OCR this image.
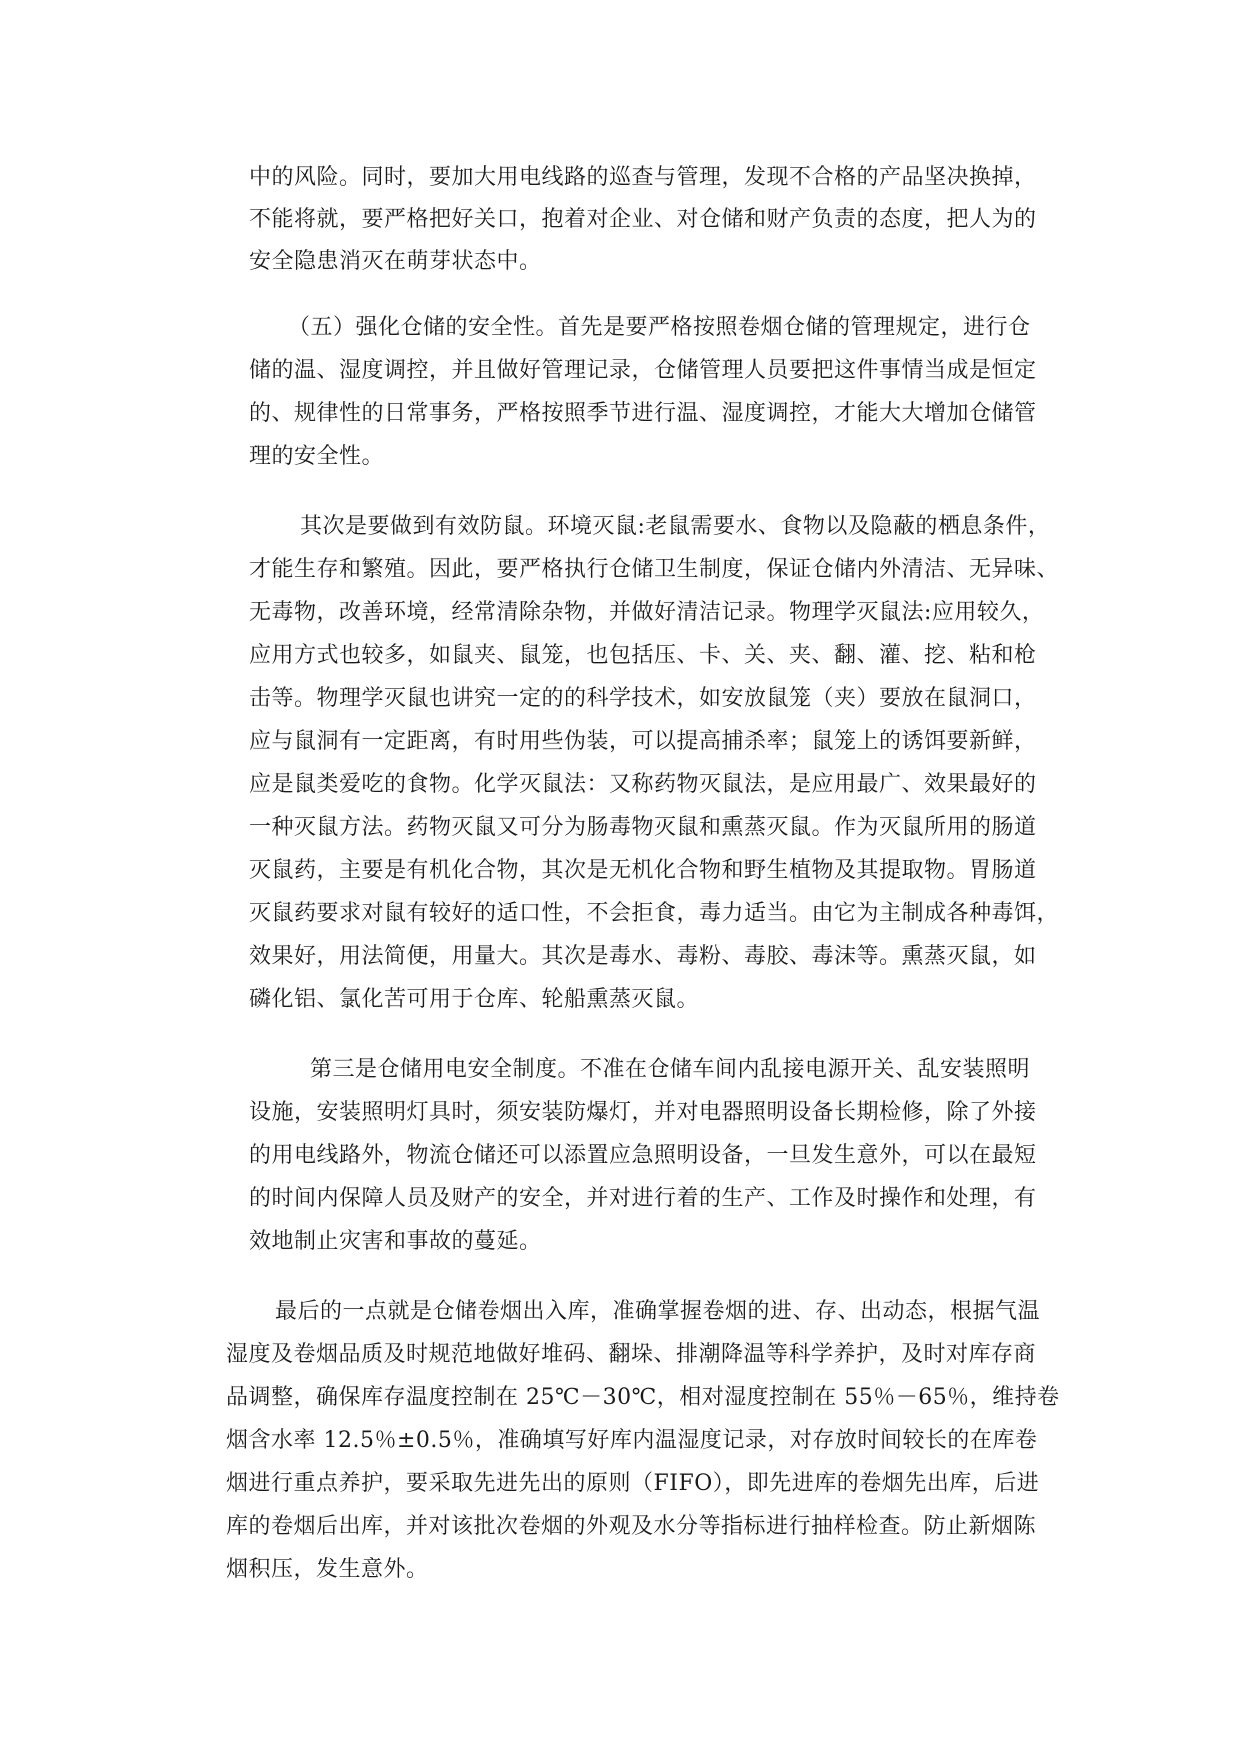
中的风险。同时，要加大用电线路的巡查与管理，发现不合格的产品坚决换掉，
不能将就，要严格把好关口，抱着对企业、对仓储和财产负责的态度，把人为的
安全隐患消灭在萌芽状态中。
（五）强化仓储的安全性。首先是要严格按照卷烟仓储的管理规定，进行仓
储的温、湿度调控，并且做好管理记录，仓储管理人员要把这件事情当成是恒定
的、规律性的日常事务，严格按照季节进行温、湿度调控，才能大大增加仓储管
理的安全性。
其次是要做到有效防鼠。环境灭鼠:老鼠需要水、食物以及隐蔽的栖息条件，
才能生存和繁殖。因此，要严格执行仓储卫生制度，保证仓储内外清洁、无异味、
无毒物，改善环境，经常清除杂物，并做好清洁记录。物理学灭鼠法:应用较久，
应用方式也较多，如鼠夹、鼠笼，也包括压、卡、关、夹、翻、灌、挖、粘和枪
击等。物理学灭鼠也讲究一定的的科学技术，如安放鼠笼（夹）要放在鼠洞口，
应与鼠洞有一定距离，有时用些伪装，可以提高捕杀率；鼠笼上的诱饵要新鲜，
应是鼠类爱吃的食物。化学灭鼠法：又称药物灭鼠法，是应用最广、效果最好的
一种灭鼠方法。药物灭鼠又可分为肠毒物灭鼠和熏蒸灭鼠。作为灭鼠所用的肠道
灭鼠药，主要是有机化合物，其次是无机化合物和野生植物及其提取物。胃肠道
灭鼠药要求对鼠有较好的适口性，不会拒食，毒力适当。由它为主制成各种毒饵，
效果好，用法简便，用量大。其次是毒水、毒粉、毒胶、毒沫等。熏蒸灭鼠，如
磷化铝、氯化苦可用于仓库、轮船熏蒸灭鼠。
第三是仓储用电安全制度。不准在仓储车间内乱接电源开关、乱安装照明
设施，安装照明灯具时，须安装防爆灯，并对电器照明设备长期检修，除了外接
的用电线路外，物流仓储还可以添置应急照明设备，一旦发生意外，可以在最短
的时间内保障人员及财产的安全，并对进行着的生产、工作及时操作和处理，有
效地制止灾害和事故的蔓延。
最后的一点就是仓储卷烟出入库，准确掌握卷烟的进、存、出动态，根据气温
湿度及卷烟品质及时规范地做好堆码、翻垛、排潮降温等科学养护，及时对库存商
品调整，确保库存温度控制在 25℃－30℃，相对湿度控制在 55％－65％，维持卷
烟含水率 12.5％±0.5％，准确填写好库内温湿度记录，对存放时间较长的在库卷
烟进行重点养护，要采取先进先出的原则（FIFO），即先进库的卷烟先出库，后进
库的卷烟后出库，并对该批次卷烟的外观及水分等指标进行抽样检查。防止新烟陈
烟积压，发生意外。
